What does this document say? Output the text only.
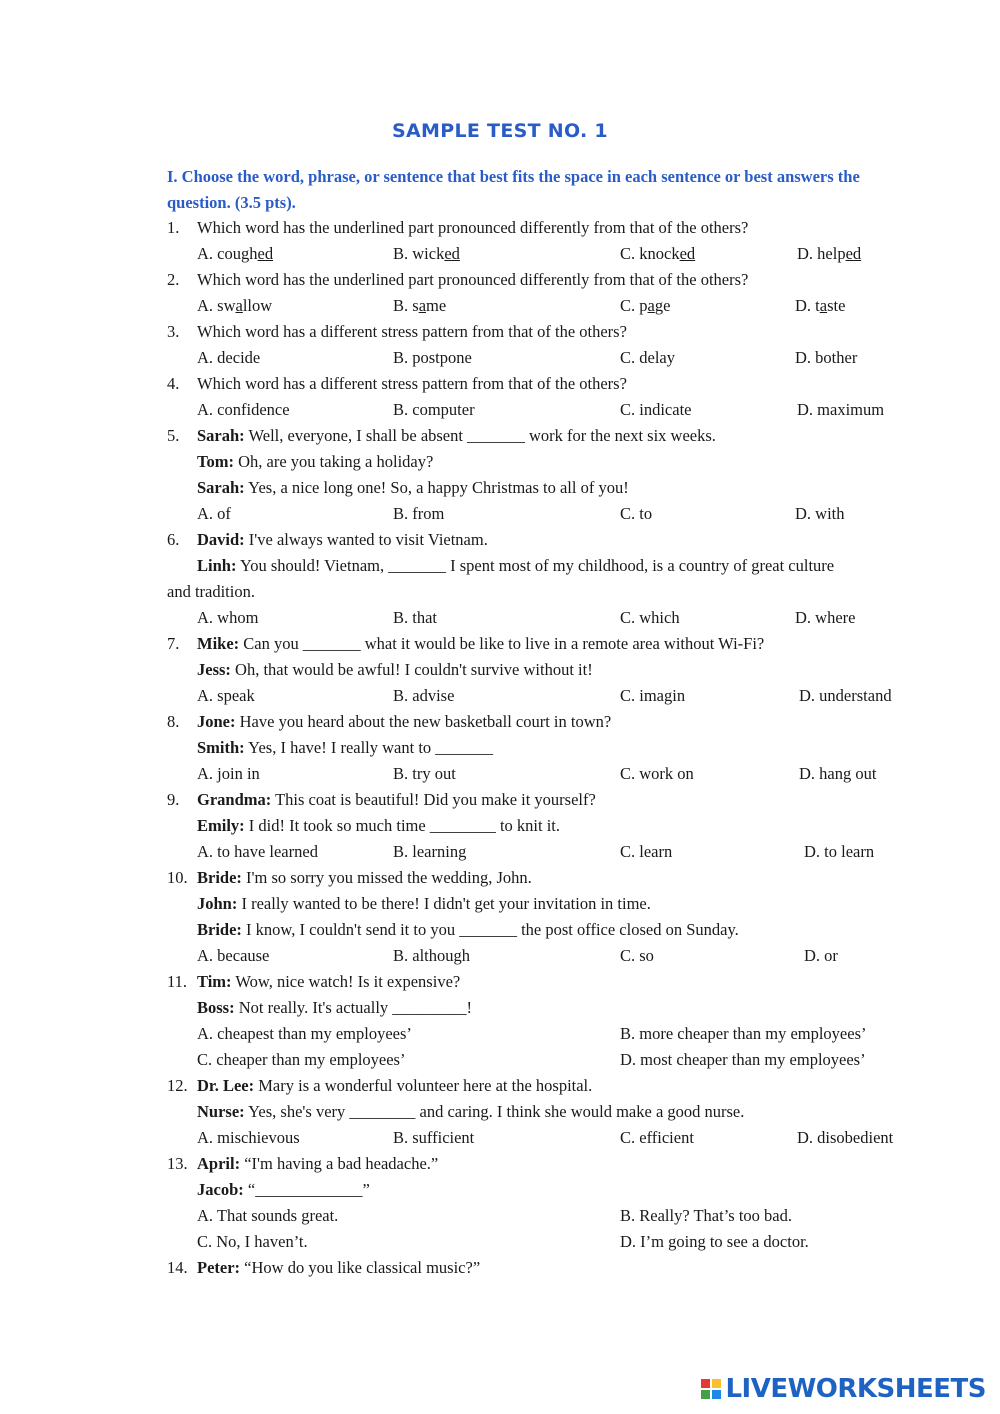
SAMPLE TEST NO. 1
I. Choose the word, phrase, or sentence that best fits the space in each sentence or best answers the question. (3.5 pts).
1.	Which word has the underlined part pronounced differently from that of the others?
A. coughed	B. wicked	C. knocked	D. helped
2.	Which word has the underlined part pronounced differently from that of the others?
A. swallow	B. same	C. page	D. taste
3.	Which word has a different stress pattern from that of the others?
A. decide	B. postpone	C. delay	D. bother
4.	Which word has a different stress pattern from that of the others?
A. confidence	B. computer	C. indicate	D. maximum
5.	Sarah: Well, everyone, I shall be absent _______ work for the next six weeks.
Tom: Oh, are you taking a holiday?
Sarah: Yes, a nice long one! So, a happy Christmas to all of you!
A. of	B. from	C. to	D. with
6.	David: I've always wanted to visit Vietnam.
Linh: You should! Vietnam, _______ I spent most of my childhood, is a country of great culture
and tradition.
A. whom	B. that	C. which	D. where
7.	Mike: Can you _______ what it would be like to live in a remote area without Wi-Fi?
Jess: Oh, that would be awful! I couldn't survive without it!
A. speak	B. advise	C. imagin	D. understand
8.	Jone: Have you heard about the new basketball court in town?
Smith: Yes, I have! I really want to _______
A. join in	B. try out	C. work on	D. hang out
9.	Grandma: This coat is beautiful! Did you make it yourself?
Emily: I did! It took so much time ________ to knit it.
A. to have learned	B. learning	C. learn	D. to learn
10. Bride: I'm so sorry you missed the wedding, John.
John: I really wanted to be there! I didn't get your invitation in time.
Bride: I know, I couldn't send it to you _______ the post office closed on Sunday.
A. because	B. although	C. so	D. or
11. Tim: Wow, nice watch! Is it expensive?
Boss: Not really. It's actually _________!
A. cheapest than my employees’	B. more cheaper than my employees’
C. cheaper than my employees’	D. most cheaper than my employees’
12. Dr. Lee: Mary is a wonderful volunteer here at the hospital.
Nurse: Yes, she's very ________ and caring. I think she would make a good nurse.
A. mischievous	B. sufficient	C. efficient	D. disobedient
13. April: “I'm having a bad headache.”
Jacob: “_____________”
A. That sounds great.	B. Really? That’s too bad.
C. No, I haven’t.	D. I’m going to see a doctor.
14. Peter: “How do you like classical music?”
LIVEWORKSHEETS
